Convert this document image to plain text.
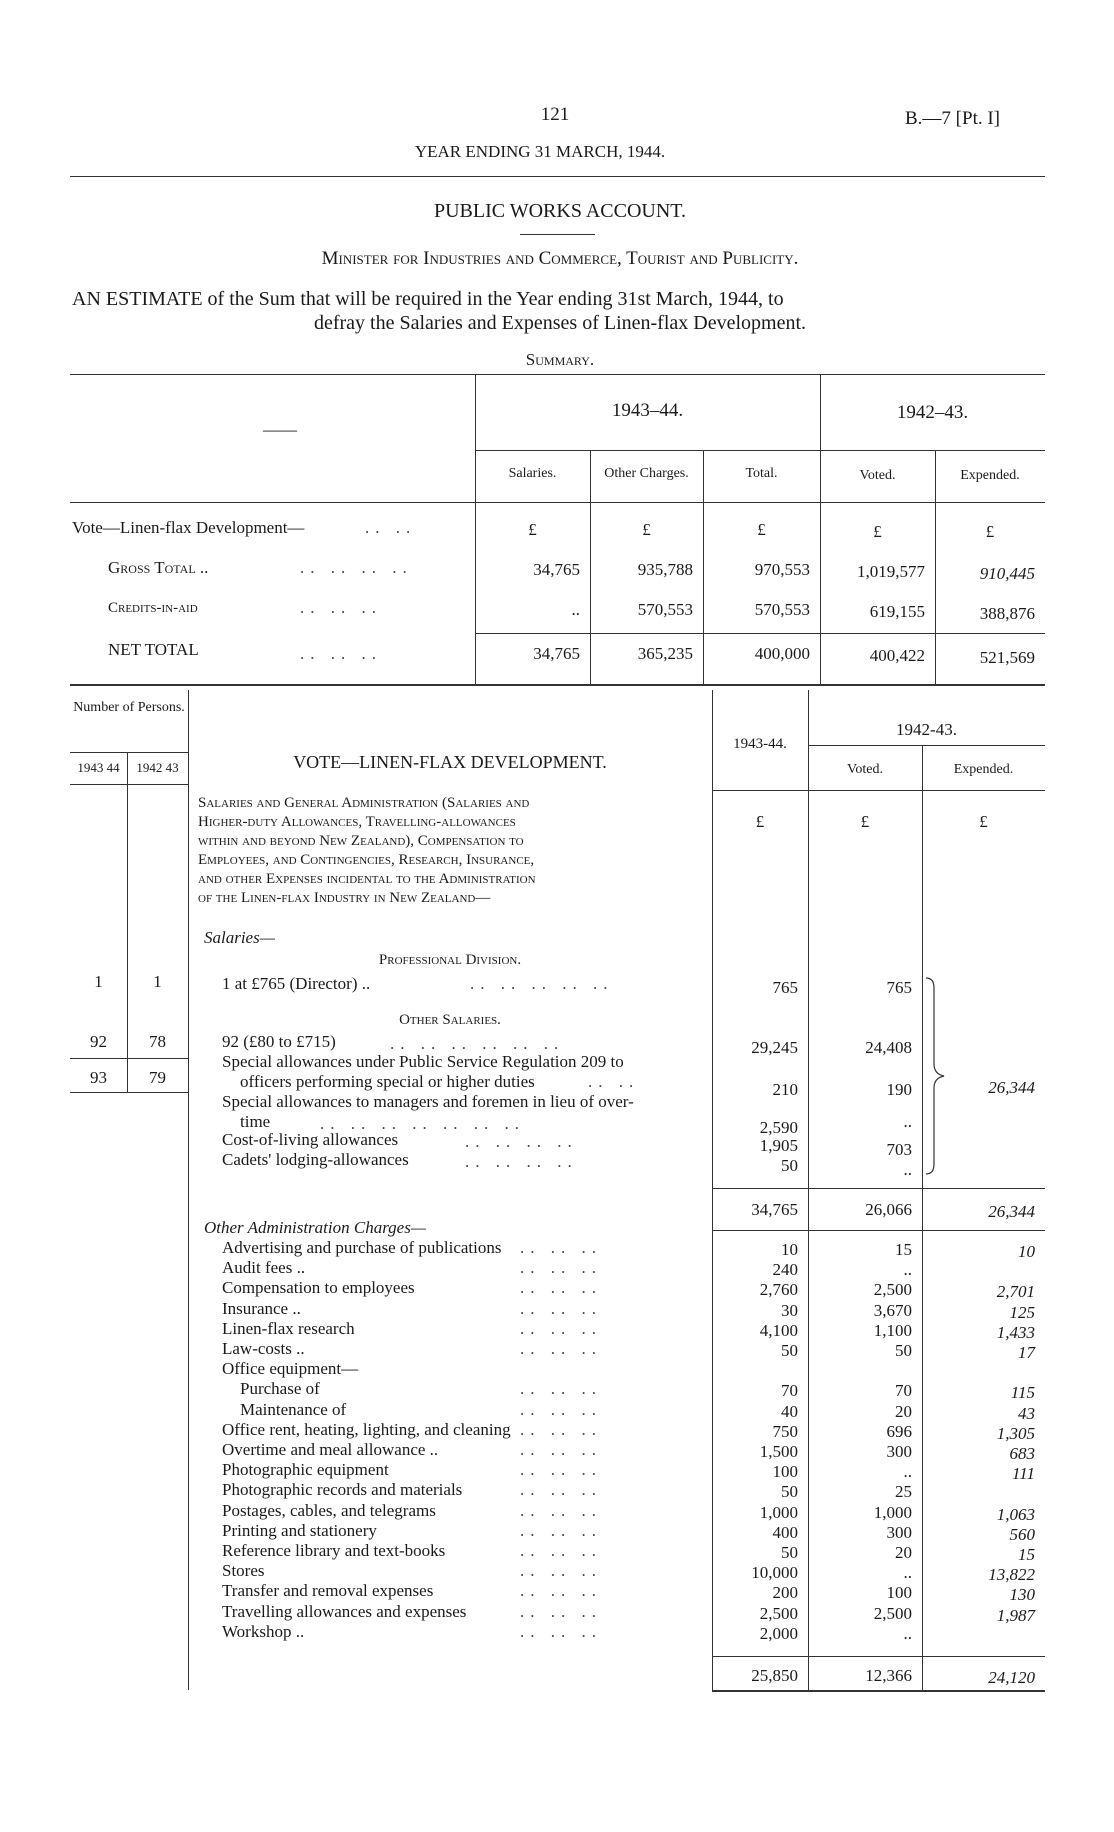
121	B.—7 [Pt. I]
YEAR ENDING 31 MARCH, 1944.
PUBLIC WORKS ACCOUNT.
Minister for Industries and Commerce, Tourist and Publicity.
AN ESTIMATE of the Sum that will be required in the Year ending 31st March, 1944, to
defray the Salaries and Expenses of Linen-flax Development.
Summary.
——
1943–44.	1942–43.
Salaries.	Other Charges.	Total.	Voted.	Expended.
Vote—Linen-flax Development—	.. ..	£	£	£	£	£
Gross Total ..	.. .. .. ..	34,765	935,788	970,553	1,019,577	910,445
Credits-in-aid	.. .. ..	..	570,553	570,553	619,155	388,876
NET TOTAL	.. .. ..	34,765	365,235	400,000	400,422	521,569
Number of Persons.
1943 44	1942 43	VOTE—LINEN-FLAX DEVELOPMENT.
1943-44.
1942-43.
Voted.	Expended.
Salaries and General Administration (Salaries and
Higher-duty Allowances, Travelling-allowances
within and beyond New Zealand), Compensation to
Employees, and Contingencies, Research, Insurance,
and other Expenses incidental to the Administration
of the Linen-flax Industry in New Zealand—
£	£	£
Salaries—
Professional Division.
1	1	1 at £765 (Director) ..	.. .. .. .. ..	765	765
Other Salaries.
92	78	92 (£80 to £715)	.. .. .. .. .. ..	29,245	24,408
Special allowances under Public Service Regulation 209 to
93	79	officers performing special or higher duties	.. ..	210	190
Special allowances to managers and foremen in lieu of over-
time	.. .. .. .. .. .. ..	2,590	..
Cost-of-living allowances	.. .. .. ..	1,905	703
Cadets' lodging-allowances	.. .. .. ..	50	..
26,344
34,765	26,066	26,344
Other Administration Charges—
Advertising and purchase of publications .. .. ..	10	15	10
Audit fees ..	.. .. ..	240	..
Compensation to employees	.. .. ..	2,760	2,500	2,701
Insurance ..	.. .. ..	30	3,670	125
Linen-flax research	.. .. ..	4,100	1,100	1,433
Law-costs ..	.. .. ..	50	50	17
Office equipment—
Purchase of	.. .. ..	70	70	115
Maintenance of	.. .. ..	40	20	43
Office rent, heating, lighting, and cleaning .. .. ..	750	696	1,305
Overtime and meal allowance ..	.. .. ..	1,500	300	683
Photographic equipment	.. .. ..	100	..	111
Photographic records and materials	.. .. ..	50	25
Postages, cables, and telegrams	.. .. ..	1,000	1,000	1,063
Printing and stationery	.. .. ..	400	300	560
Reference library and text-books	.. .. ..	50	20	15
Stores	.. .. ..	10,000	..	13,822
Transfer and removal expenses	.. .. ..	200	100	130
Travelling allowances and expenses	.. .. ..	2,500	2,500	1,987
Workshop ..	.. .. ..	2,000	..
25,850	12,366	24,120
